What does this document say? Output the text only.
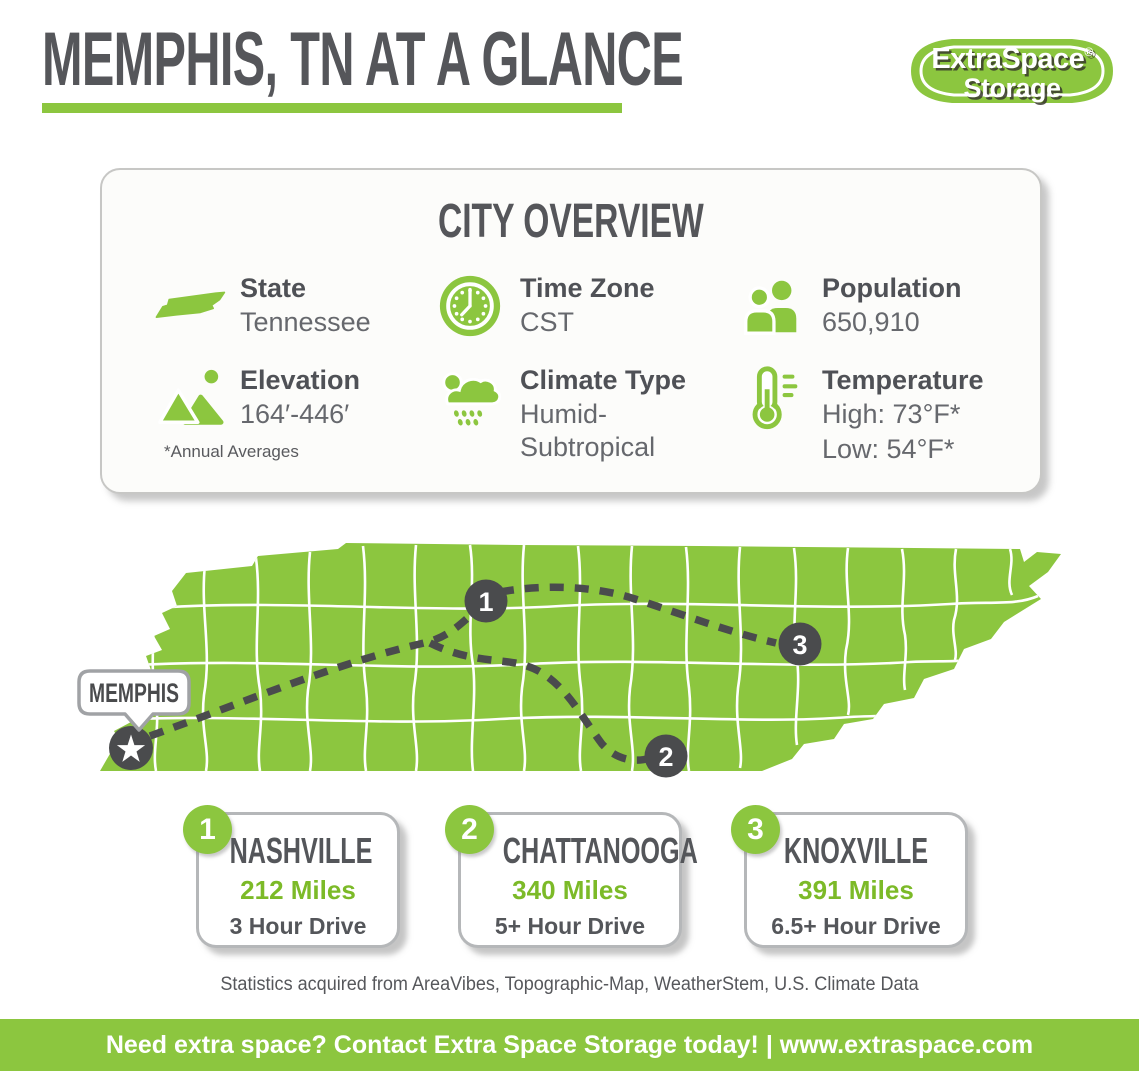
MEMPHIS, TN AT A GLANCE	ExtraSpace®
Storage
CITY OVERVIEW
State
Tennessee
Time Zone
CST
Population
650,910
Elevation
164′-446′
Climate Type
Humid-Subtropical
Temperature
High: 73°F*
Low: 54°F*
*Annual Averages
1
2
3
MEMPHIS
1
NASHVILLE
212 Miles
3 Hour Drive
2
CHATTANOOGA
340 Miles
5+ Hour Drive
3
KNOXVILLE
391 Miles
6.5+ Hour Drive
Statistics acquired from AreaVibes, Topographic-Map, WeatherStem, U.S. Climate Data
Need extra space? Contact Extra Space Storage today! | www.extraspace.com
